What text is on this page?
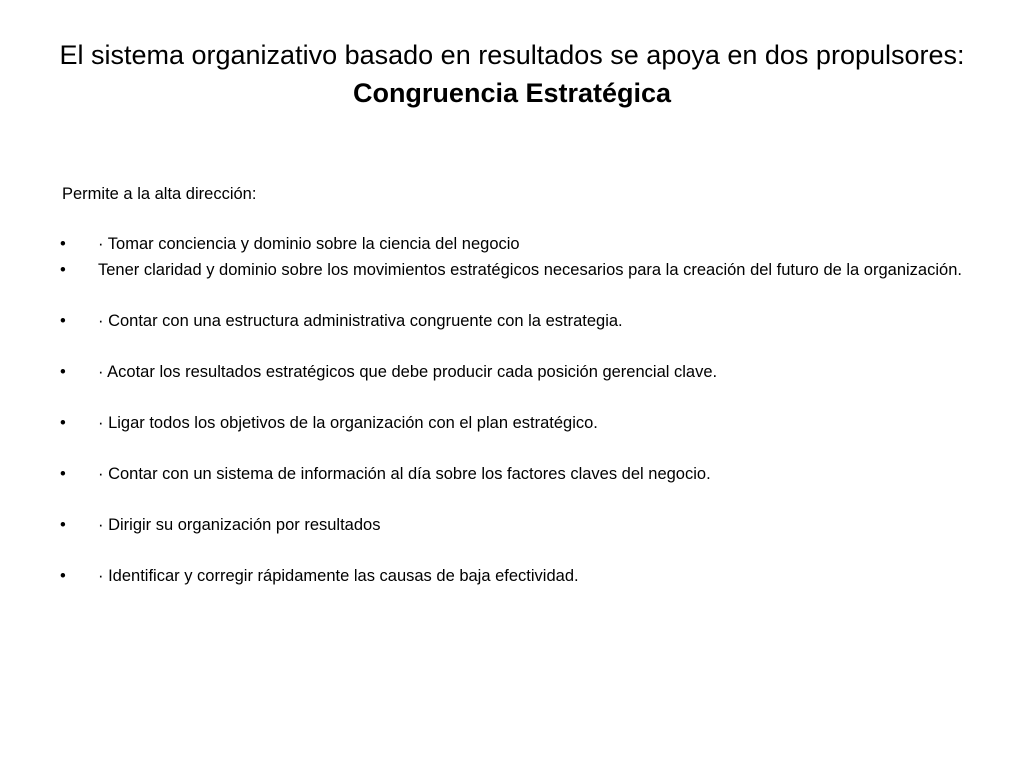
El sistema organizativo basado en resultados se apoya en dos propulsores:
Congruencia Estratégica
Permite a la alta dirección:
• · Tomar conciencia y dominio sobre la ciencia del negocio
• Tener claridad y dominio sobre los movimientos estratégicos necesarios para la creación del futuro de la organización.
• · Contar con una estructura administrativa congruente con la estrategia.
• · Acotar los resultados estratégicos que debe producir cada posición gerencial clave.
• · Ligar todos los objetivos de la organización con el plan estratégico.
• · Contar con un sistema de información al día sobre los factores claves del negocio.
• · Dirigir su organización por resultados
• · Identificar y corregir rápidamente las causas de baja efectividad.
